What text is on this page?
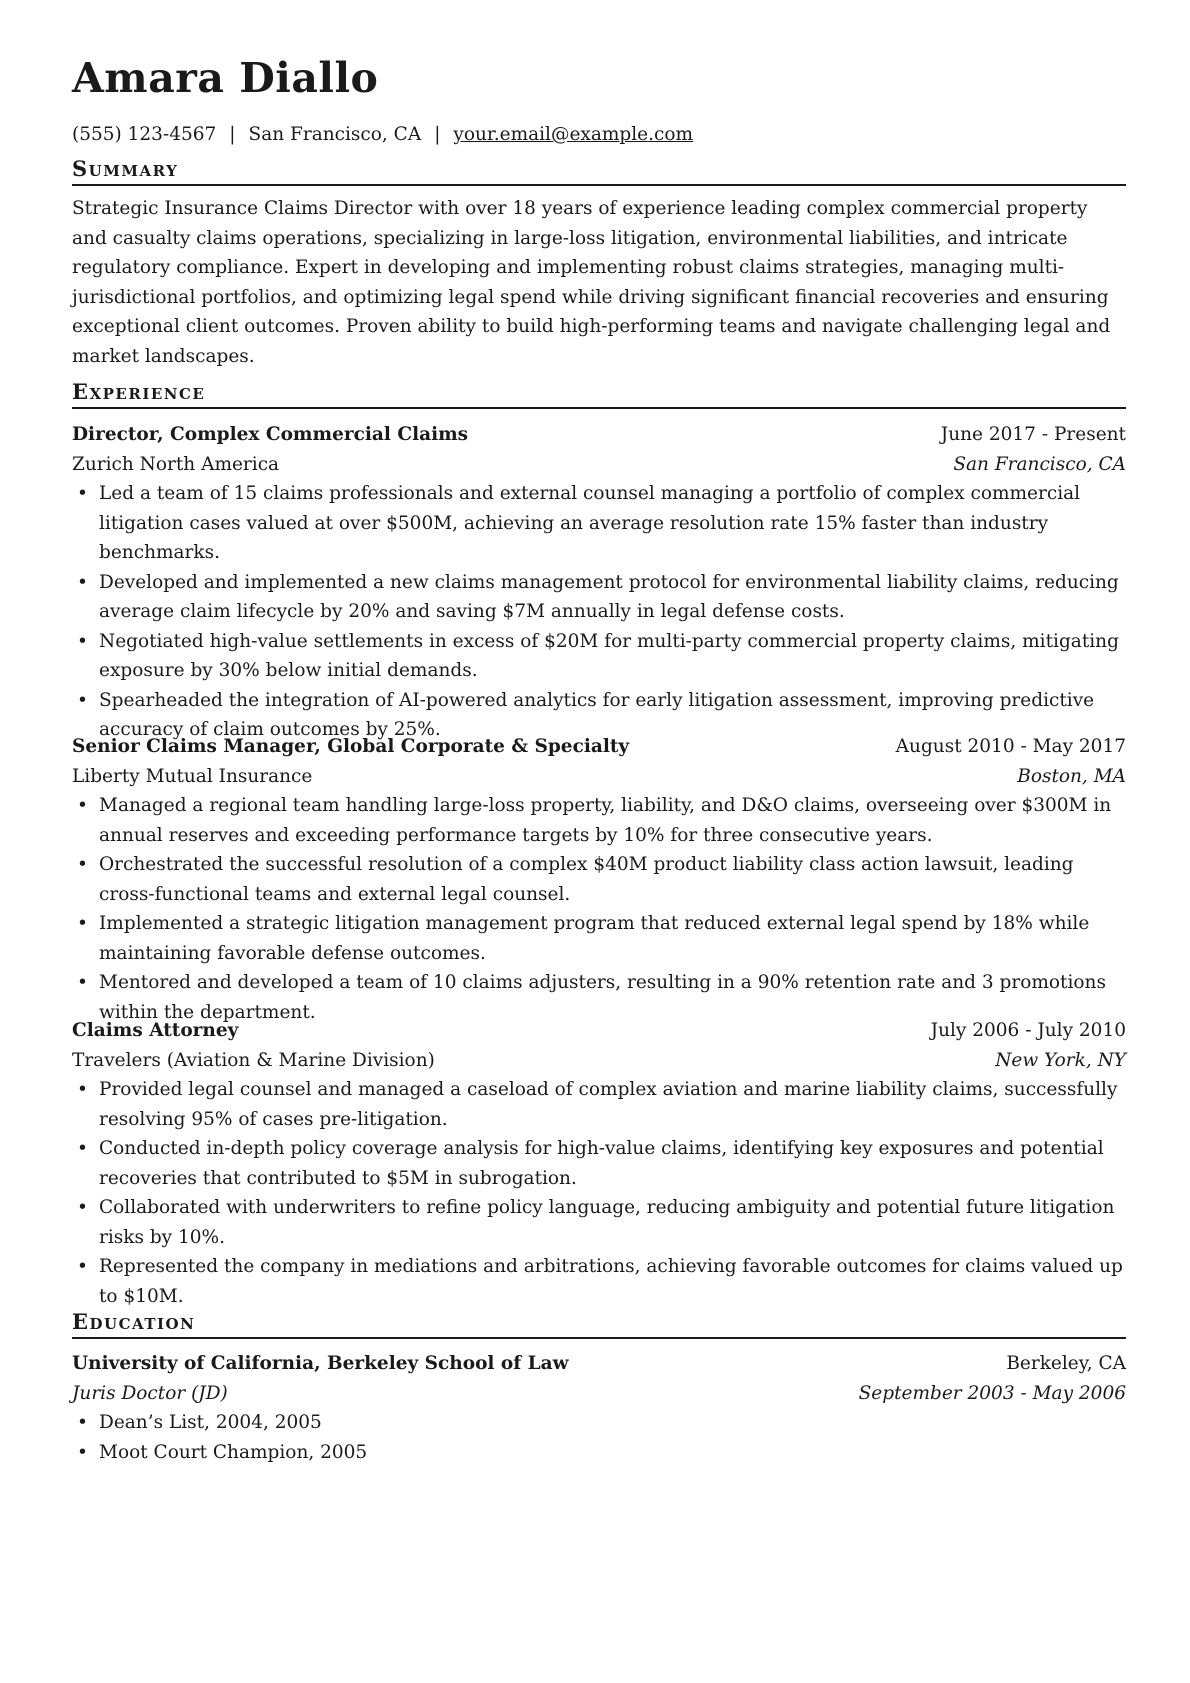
Amara Diallo
(555) 123-4567 | San Francisco, CA | your.email@example.com
Summary
Strategic Insurance Claims Director with over 18 years of experience leading complex commercial property and casualty claims operations, specializing in large-loss litigation, environmental liabilities, and intricate regulatory compliance. Expert in developing and implementing robust claims strategies, managing multi-jurisdictional portfolios, and optimizing legal spend while driving significant financial recoveries and ensuring exceptional client outcomes. Proven ability to build high-performing teams and navigate challenging legal and market landscapes.
Experience
Director, Complex Commercial Claims	June 2017 - Present
Zurich North America	San Francisco, CA
• Led a team of 15 claims professionals and external counsel managing a portfolio of complex commercial litigation cases valued at over $500M, achieving an average resolution rate 15% faster than industry benchmarks.
• Developed and implemented a new claims management protocol for environmental liability claims, reducing average claim lifecycle by 20% and saving $7M annually in legal defense costs.
• Negotiated high-value settlements in excess of $20M for multi-party commercial property claims, mitigating exposure by 30% below initial demands.
• Spearheaded the integration of AI-powered analytics for early litigation assessment, improving predictive accuracy of claim outcomes by 25%.
Senior Claims Manager, Global Corporate & Specialty	August 2010 - May 2017
Liberty Mutual Insurance	Boston, MA
• Managed a regional team handling large-loss property, liability, and D&O claims, overseeing over $300M in annual reserves and exceeding performance targets by 10% for three consecutive years.
• Orchestrated the successful resolution of a complex $40M product liability class action lawsuit, leading cross-functional teams and external legal counsel.
• Implemented a strategic litigation management program that reduced external legal spend by 18% while maintaining favorable defense outcomes.
• Mentored and developed a team of 10 claims adjusters, resulting in a 90% retention rate and 3 promotions within the department.
Claims Attorney	July 2006 - July 2010
Travelers (Aviation & Marine Division)	New York, NY
• Provided legal counsel and managed a caseload of complex aviation and marine liability claims, successfully resolving 95% of cases pre-litigation.
• Conducted in-depth policy coverage analysis for high-value claims, identifying key exposures and potential recoveries that contributed to $5M in subrogation.
• Collaborated with underwriters to refine policy language, reducing ambiguity and potential future litigation risks by 10%.
• Represented the company in mediations and arbitrations, achieving favorable outcomes for claims valued up to $10M.
Education
University of California, Berkeley School of Law	Berkeley, CA
Juris Doctor (JD)	September 2003 - May 2006
• Dean’s List, 2004, 2005
• Moot Court Champion, 2005
